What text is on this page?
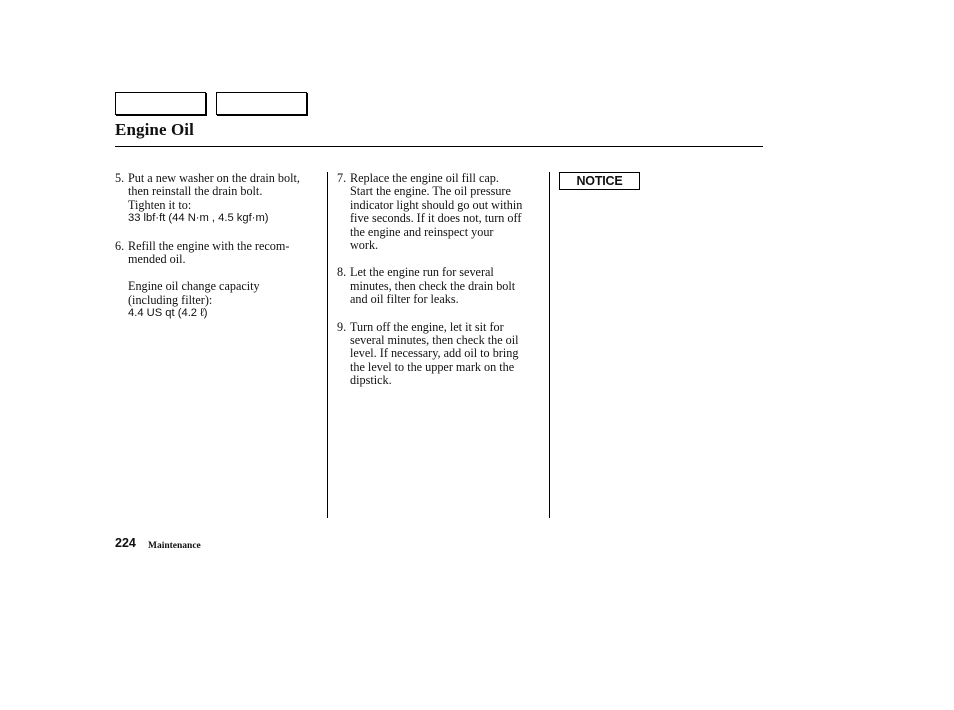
Engine Oil
5. Put a new washer on the drain bolt,
then reinstall the drain bolt.
Tighten it to:
33 lbf·ft (44 N·m , 4.5 kgf·m)
6. Refill the engine with the recom-
mended oil.
Engine oil change capacity
(including filter):
4.4 US qt (4.2 ℓ)
7. Replace the engine oil fill cap.
Start the engine. The oil pressure
indicator light should go out within
five seconds. If it does not, turn off
the engine and reinspect your
work.
8. Let the engine run for several
minutes, then check the drain bolt
and oil filter for leaks.
9. Turn off the engine, let it sit for
several minutes, then check the oil
level. If necessary, add oil to bring
the level to the upper mark on the
dipstick.
NOTICE
224 Maintenance
